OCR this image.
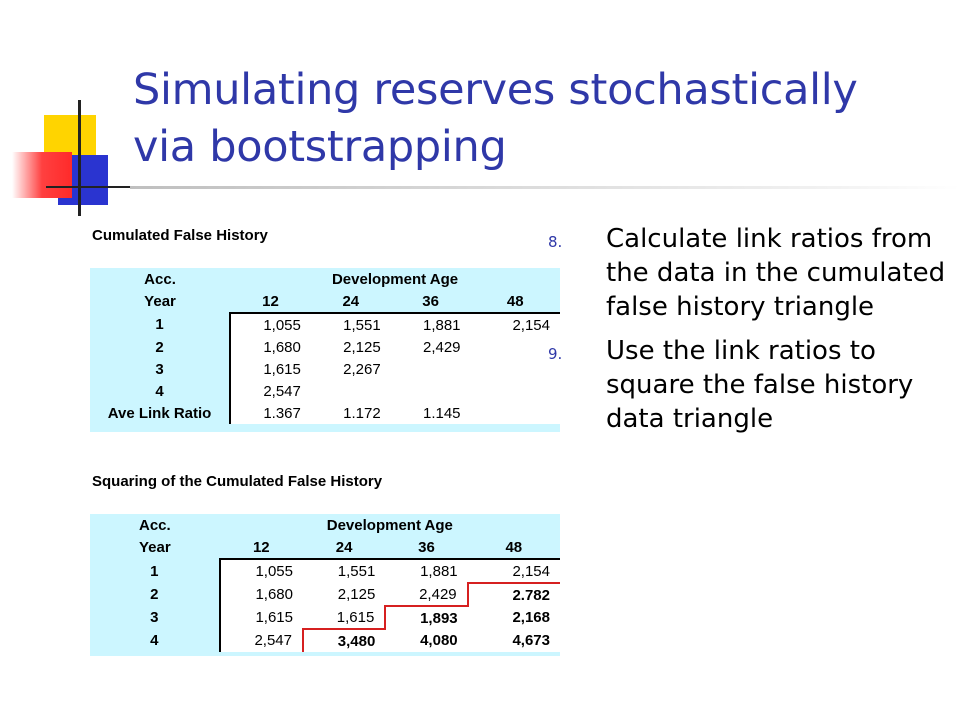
Simulating reserves stochastically via bootstrapping
Cumulated False History
Acc.	Development Age			
Year	12	24	36	48
1	1,055	1,551	1,881	2,154
2	1,680	2,125	2,429	
3	1,615	2,267		
4	2,547			
Ave Link Ratio	1.367	1.172	1.145	
Squaring of the Cumulated False History
Acc.	Development Age			
Year	12	24	36	48
1	1,055	1,551	1,881	2,154
2	1,680	2,125	2,429	2.782
3	1,615	1,615	1,893	2,168
4	2,547	3,480	4,080	4,673
8. Calculate link ratios from the data in the cumulated false history triangle
9. Use the link ratios to square the false history data triangle
